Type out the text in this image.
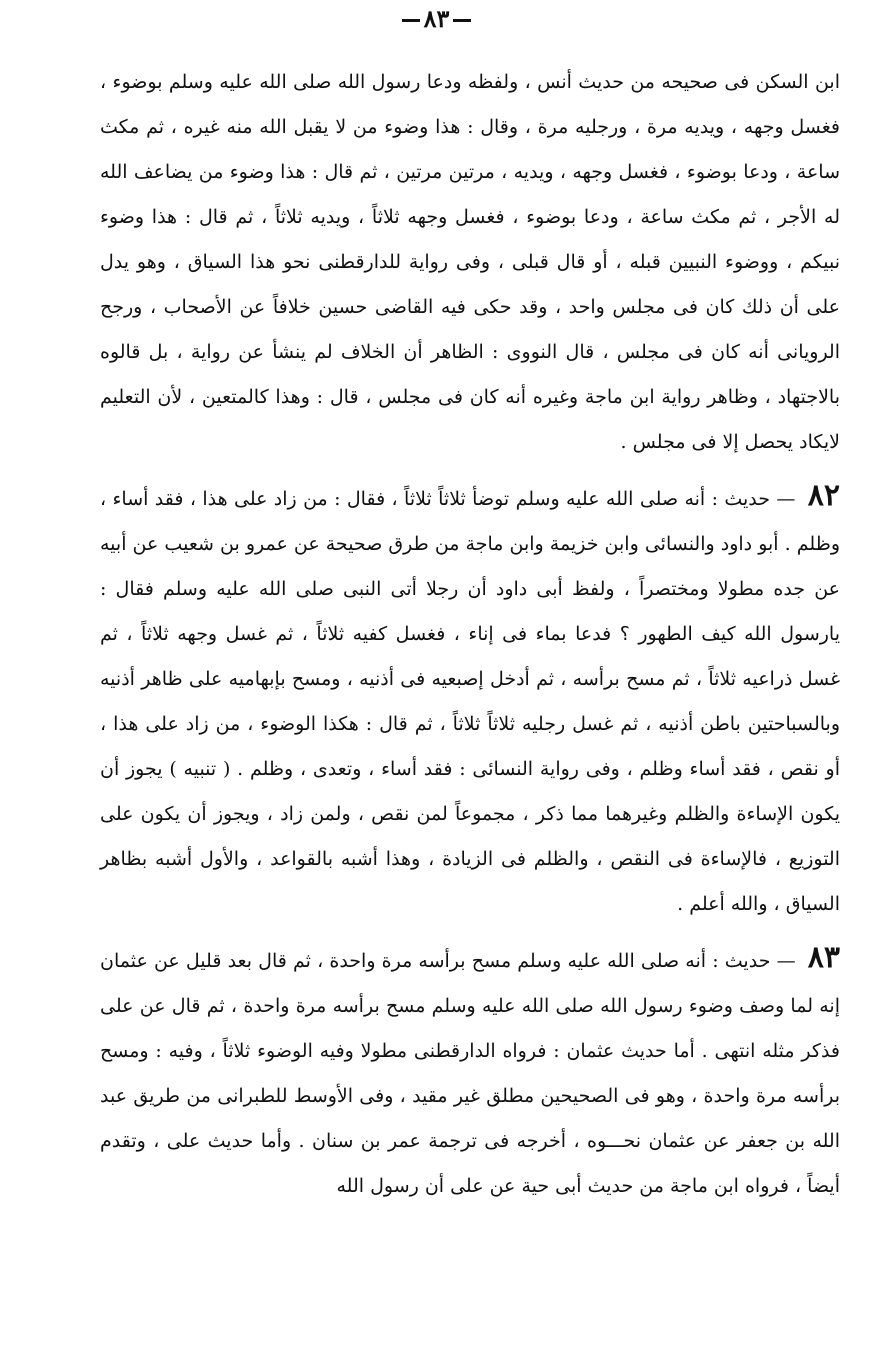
٨٣

ابن السكن فى صحيحه من حديث أنس ، ولفظه ودعا رسول الله صلى الله عليه وسلم بوضوء ، فغسل وجهه ، ويديه مرة ، ورجليه مرة ، وقال : هذا وضوء من لا يقبل الله منه غيره ، ثم مكث ساعة ، ودعا بوضوء ، فغسل وجهه ، ويديه ، مرتين مرتين ، ثم قال : هذا وضوء من يضاعف الله له الأجر ، ثم مكث ساعة ، ودعا بوضوء ، فغسل وجهه ثلاثاً ، ويديه ثلاثاً ، ثم قال : هذا وضوء نبيكم ، ووضوء النبيين قبله ، أو قال قبلى ، وفى رواية للدارقطنى نحو هذا السياق ، وهو يدل على أن ذلك كان فى مجلس واحد ، وقد حكى فيه القاضى حسين خلافاً عن الأصحاب ، ورجح الرويانى أنه كان فى مجلس ، قال النووى : الظاهر أن الخلاف لم ينشأ عن رواية ، بل قالوه بالاجتهاد ، وظاهر رواية ابن ماجة وغيره أنه كان فى مجلس ، قال : وهذا كالمتعين ، لأن التعليم لايكاد يحصل إلا فى مجلس .

٨٢ — حديث : أنه صلى الله عليه وسلم توضأ ثلاثاً ثلاثاً ، فقال : من زاد على هذا ، فقد أساء ، وظلم . أبو داود والنسائى وابن خزيمة وابن ماجة من طرق صحيحة عن عمرو بن شعيب عن أبيه عن جده مطولا ومختصراً ، ولفظ أبى داود أن رجلا أتى النبى صلى الله عليه وسلم فقال : يارسول الله كيف الطهور ؟ فدعا بماء فى إناء ، فغسل كفيه ثلاثاً ، ثم غسل وجهه ثلاثاً ، ثم غسل ذراعيه ثلاثاً ، ثم مسح برأسه ، ثم أدخل إصبعيه فى أذنيه ، ومسح بإبهاميه على ظاهر أذنيه وبالسباحتين باطن أذنيه ، ثم غسل رجليه ثلاثاً ثلاثاً ، ثم قال : هكذا الوضوء ، من زاد على هذا ، أو نقص ، فقد أساء وظلم ، وفى رواية النسائى : فقد أساء ، وتعدى ، وظلم . ( تنبيه ) يجوز أن يكون الإساءة والظلم وغيرهما مما ذكر ، مجموعاً لمن نقص ، ولمن زاد ، ويجوز أن يكون على التوزيع ، فالإساءة فى النقص ، والظلم فى الزيادة ، وهذا أشبه بالقواعد ، والأول أشبه بظاهر السياق ، والله أعلم .

٨٣ — حديث : أنه صلى الله عليه وسلم مسح برأسه مرة واحدة ، ثم قال بعد قليل عن عثمان إنه لما وصف وضوء رسول الله صلى الله عليه وسلم مسح برأسه مرة واحدة ، ثم قال عن على فذكر مثله انتهى . أما حديث عثمان : فرواه الدارقطنى مطولا وفيه الوضوء ثلاثاً ، وفيه : ومسح برأسه مرة واحدة ، وهو فى الصحيحين مطلق غير مقيد ، وفى الأوسط للطبرانى من طريق عبد الله بن جعفر عن عثمان نحـــوه ، أخرجه فى ترجمة عمر بن سنان . وأما حديث على ، وتقدم أيضاً ، فرواه ابن ماجة من حديث أبى حية عن على أن رسول الله
